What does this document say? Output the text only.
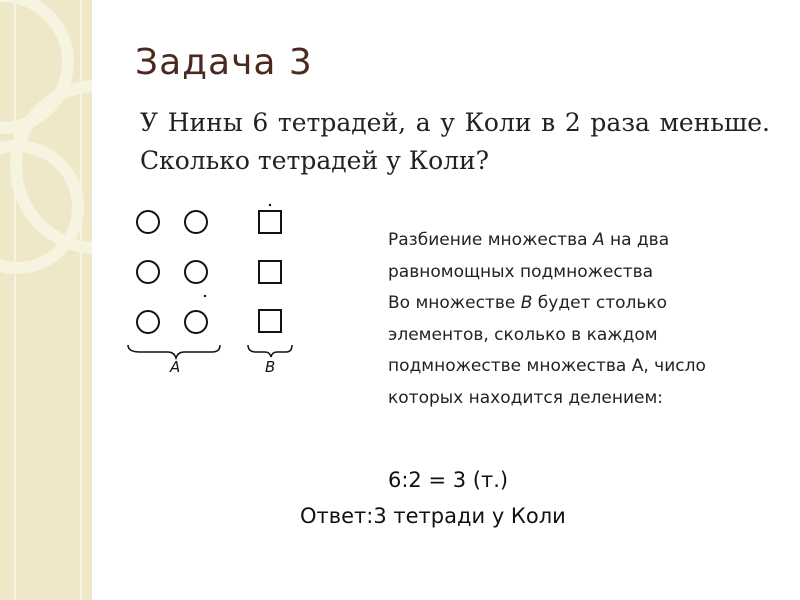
Задача 3
У Нины 6 тетрадей, а у Коли в 2 раза меньше. Сколько тетрадей у Коли?
A	B

Разбиение множества А на два равномощных подмножества

Во множестве В будет столько элементов, сколько в каждом подмножестве множества А, число которых находится делением:

6:2 = 3 (т.)
Ответ:3 тетради у Коли
